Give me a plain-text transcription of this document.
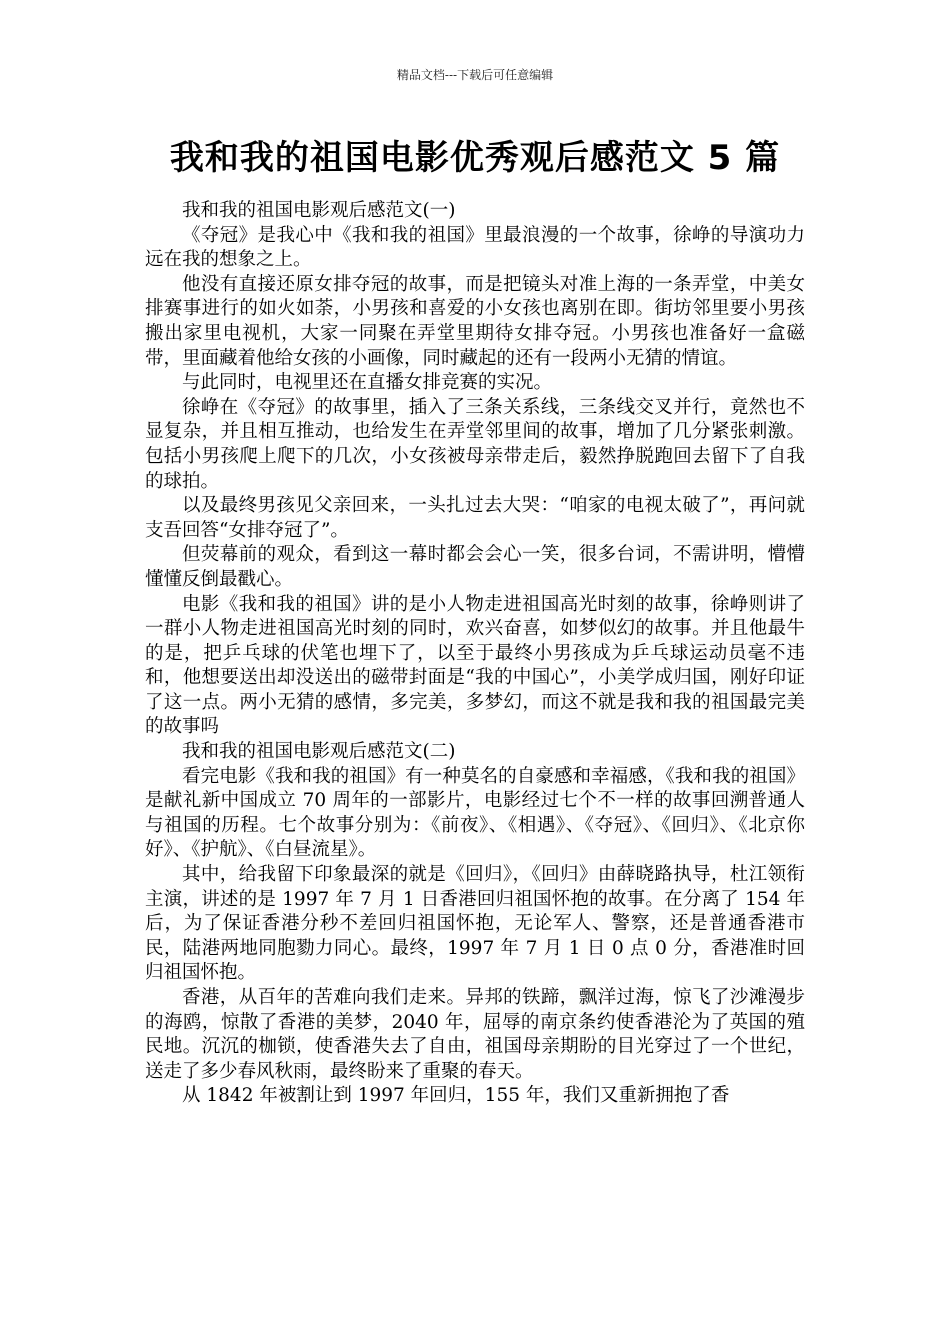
精品文档---下载后可任意编辑
我和我的祖国电影优秀观后感范文 5 篇

我和我的祖国电影观后感范文(一)

《夺冠》是我心中《我和我的祖国》里最浪漫的一个故事，徐峥的导演功力远在我的想象之上。

他没有直接还原女排夺冠的故事，而是把镜头对准上海的一条弄堂，中美女排赛事进行的如火如荼，小男孩和喜爱的小女孩也离别在即。街坊邻里要小男孩搬出家里电视机，大家一同聚在弄堂里期待女排夺冠。小男孩也准备好一盒磁带，里面藏着他给女孩的小画像，同时藏起的还有一段两小无猜的情谊。

与此同时，电视里还在直播女排竞赛的实况。

徐峥在《夺冠》的故事里，插入了三条关系线，三条线交叉并行，竟然也不显复杂，并且相互推动，也给发生在弄堂邻里间的故事，增加了几分紧张刺激。包括小男孩爬上爬下的几次，小女孩被母亲带走后，毅然挣脱跑回去留下了自我的球拍。

以及最终男孩见父亲回来，一头扎过去大哭：“咱家的电视太破了”，再问就支吾回答“女排夺冠了”。

但荧幕前的观众，看到这一幕时都会会心一笑，很多台词，不需讲明，懵懵懂懂反倒最戳心。

电影《我和我的祖国》讲的是小人物走进祖国高光时刻的故事，徐峥则讲了一群小人物走进祖国高光时刻的同时，欢兴奋喜，如梦似幻的故事。并且他最牛的是，把乒乓球的伏笔也埋下了，以至于最终小男孩成为乒乓球运动员毫不违和，他想要送出却没送出的磁带封面是“我的中国心”，小美学成归国，刚好印证了这一点。两小无猜的感情，多完美，多梦幻，而这不就是我和我的祖国最完美的故事吗

我和我的祖国电影观后感范文(二)

看完电影《我和我的祖国》有一种莫名的自豪感和幸福感，《我和我的祖国》是献礼新中国成立 70 周年的一部影片，电影经过七个不一样的故事回溯普通人与祖国的历程。七个故事分别为：《前夜》、《相遇》、《夺冠》、《回归》、《北京你好》、《护航》、《白昼流星》。

其中，给我留下印象最深的就是《回归》，《回归》由薛晓路执导，杜江领衔主演，讲述的是 1997 年 7 月 1 日香港回归祖国怀抱的故事。在分离了 154 年后，为了保证香港分秒不差回归祖国怀抱，无论军人、警察，还是普通香港市民，陆港两地同胞勠力同心。最终，1997 年 7 月 1 日 0 点 0 分，香港准时回归祖国怀抱。

香港，从百年的苦难向我们走来。异邦的铁蹄，飘洋过海，惊飞了沙滩漫步的海鸥，惊散了香港的美梦，2040 年，屈辱的南京条约使香港沦为了英国的殖民地。沉沉的枷锁，使香港失去了自由，祖国母亲期盼的目光穿过了一个世纪，送走了多少春风秋雨，最终盼来了重聚的春天。

从 1842 年被割让到 1997 年回归，155 年，我们又重新拥抱了香
